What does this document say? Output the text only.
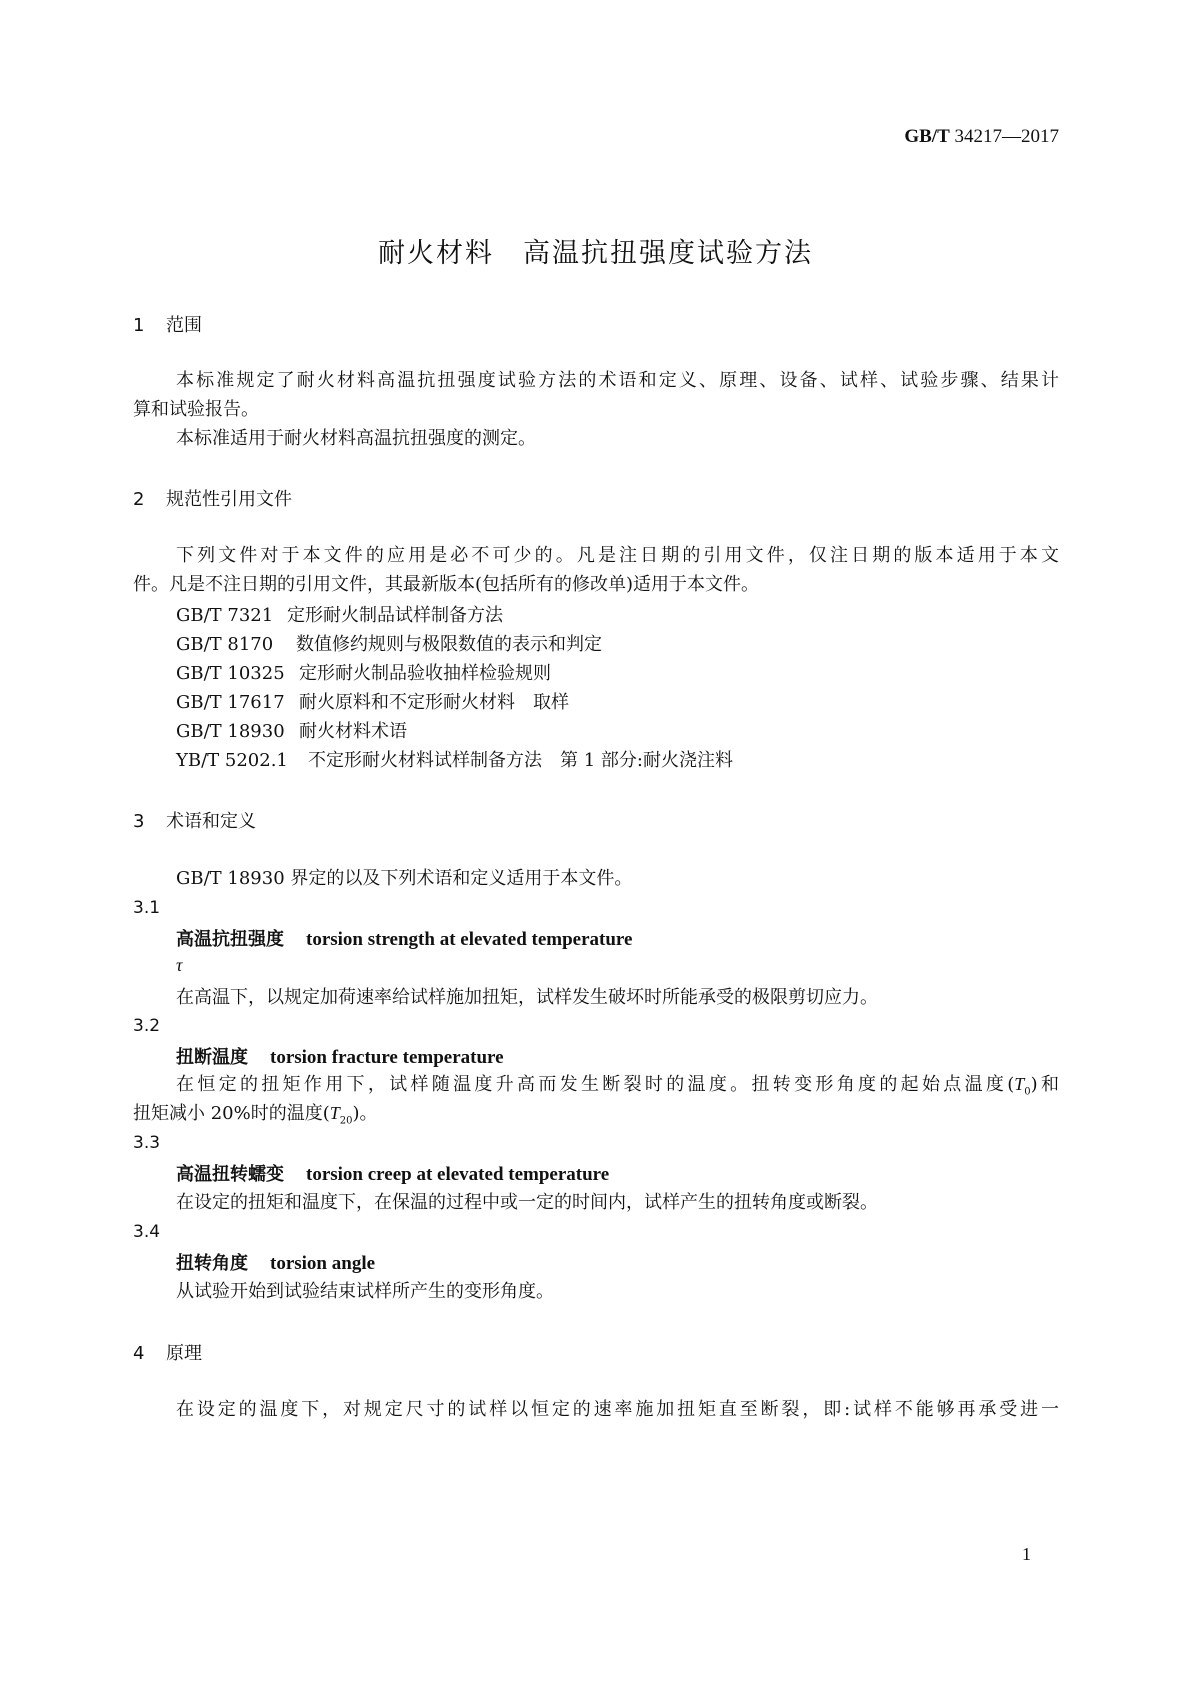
GB/T 34217—2017
耐火材料　高温抗扭强度试验方法
1 范围
本标准规定了耐火材料高温抗扭强度试验方法的术语和定义、原理、设备、试样、试验步骤、结果计
算和试验报告。
本标准适用于耐火材料高温抗扭强度的测定。
2 规范性引用文件
下列文件对于本文件的应用是必不可少的。凡是注日期的引用文件，仅注日期的版本适用于本文
件。凡是不注日期的引用文件，其最新版本(包括所有的修改单)适用于本文件。
GB/T 7321 定形耐火制品试样制备方法
GB/T 8170 数值修约规则与极限数值的表示和判定
GB/T 10325 定形耐火制品验收抽样检验规则
GB/T 17617 耐火原料和不定形耐火材料　取样
GB/T 18930 耐火材料术语
YB/T 5202.1 不定形耐火材料试样制备方法　第 1 部分:耐火浇注料
3 术语和定义
GB/T 18930 界定的以及下列术语和定义适用于本文件。
3.1
高温抗扭强度 torsion strength at elevated temperature
τ
在高温下，以规定加荷速率给试样施加扭矩，试样发生破坏时所能承受的极限剪切应力。
3.2
扭断温度 torsion fracture temperature
在恒定的扭矩作用下，试样随温度升高而发生断裂时的温度。扭转变形角度的起始点温度$(T_0)$和
扭矩减小 20%时的温度$(T_{20})$。
3.3
高温扭转蠕变 torsion creep at elevated temperature
在设定的扭矩和温度下，在保温的过程中或一定的时间内，试样产生的扭转角度或断裂。
3.4
扭转角度 torsion angle
从试验开始到试验结束试样所产生的变形角度。
4 原理
在设定的温度下，对规定尺寸的试样以恒定的速率施加扭矩直至断裂，即:试样不能够再承受进一
1
